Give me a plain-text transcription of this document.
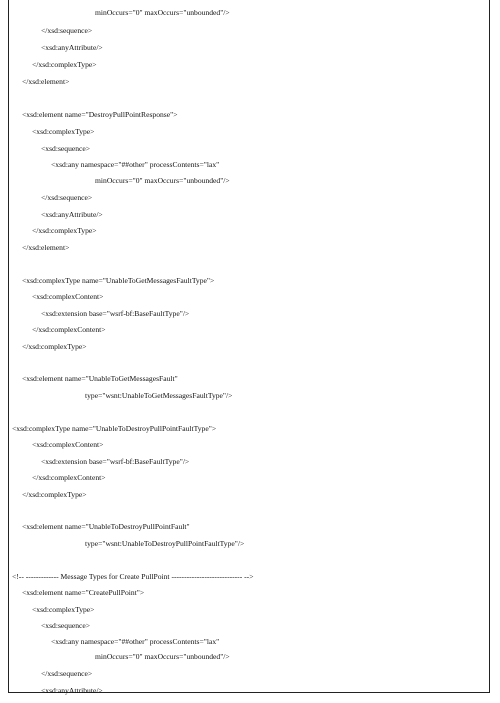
minOccurs="0" maxOccurs="unbounded"/>
</xsd:sequence>
<xsd:anyAttribute/>
</xsd:complexType>
</xsd:element>
<xsd:element name="DestroyPullPointResponse">
<xsd:complexType>
<xsd:sequence>
<xsd:any namespace="##other" processContents="lax"
minOccurs="0" maxOccurs="unbounded"/>
</xsd:sequence>
<xsd:anyAttribute/>
</xsd:complexType>
</xsd:element>
<xsd:complexType name="UnableToGetMessagesFaultType">
<xsd:complexContent>
<xsd:extension base="wsrf-bf:BaseFaultType"/>
</xsd:complexContent>
</xsd:complexType>
<xsd:element name="UnableToGetMessagesFault"
type="wsnt:UnableToGetMessagesFaultType"/>
<xsd:complexType name="UnableToDestroyPullPointFaultType">
<xsd:complexContent>
<xsd:extension base="wsrf-bf:BaseFaultType"/>
</xsd:complexContent>
</xsd:complexType>
<xsd:element name="UnableToDestroyPullPointFault"
type="wsnt:UnableToDestroyPullPointFaultType"/>
<!-- ------------- Message Types for Create PullPoint ---------------------------- -->
<xsd:element name="CreatePullPoint">
<xsd:complexType>
<xsd:sequence>
<xsd:any namespace="##other" processContents="lax"
minOccurs="0" maxOccurs="unbounded"/>
</xsd:sequence>
<xsd:anyAttribute/>
